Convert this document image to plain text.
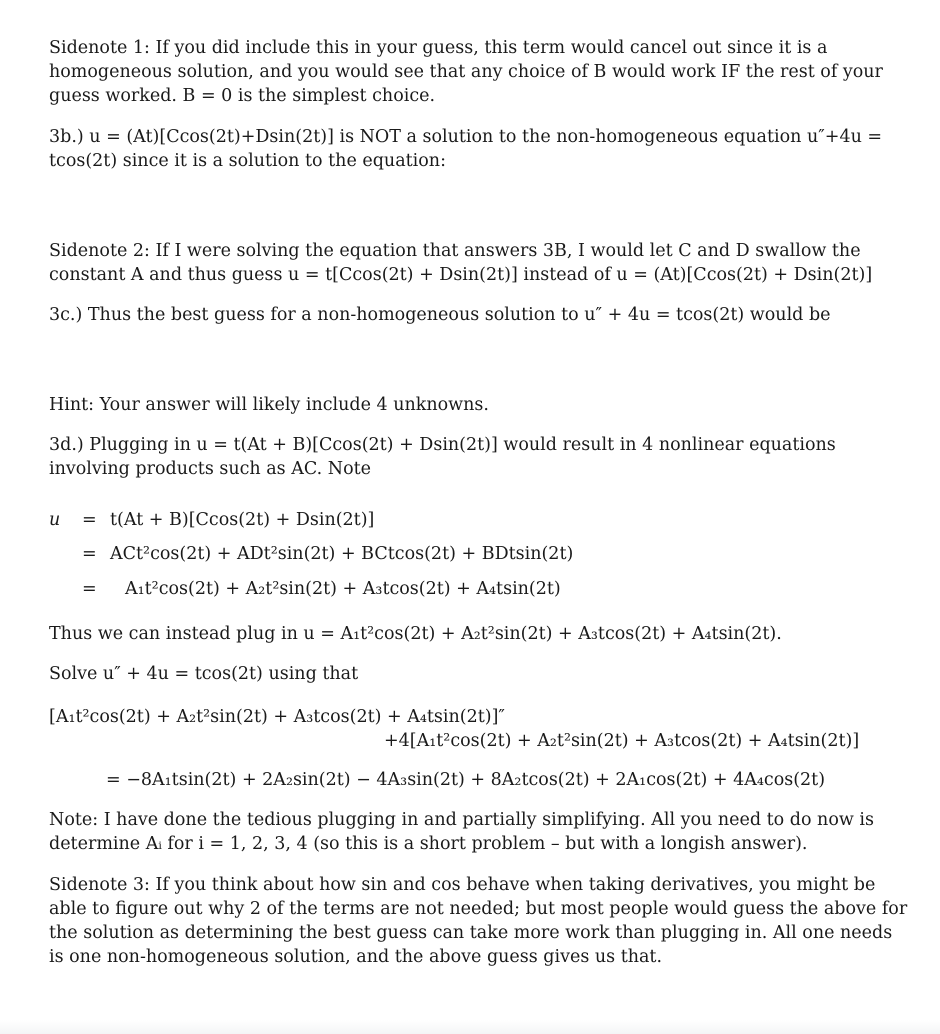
Sidenote 1: If you did include this in your guess, this term would cancel out since it is a
homogeneous solution, and you would see that any choice of B would work IF the rest of your
guess worked. B = 0 is the simplest choice.
3b.) u = (At)[Ccos(2t)+Dsin(2t)] is NOT a solution to the non-homogeneous equation u″+4u =
tcos(2t) since it is a solution to the equation:
Sidenote 2: If I were solving the equation that answers 3B, I would let C and D swallow the
constant A and thus guess u = t[Ccos(2t) + Dsin(2t)] instead of u = (At)[Ccos(2t) + Dsin(2t)]
3c.) Thus the best guess for a non-homogeneous solution to u″ + 4u = tcos(2t) would be
Hint: Your answer will likely include 4 unknowns.
3d.) Plugging in u = t(At + B)[Ccos(2t) + Dsin(2t)] would result in 4 nonlinear equations
involving products such as AC. Note
u = t(At + B)[Ccos(2t) + Dsin(2t)]
= ACt²cos(2t) + ADt²sin(2t) + BCtcos(2t) + BDtsin(2t)
= A₁t²cos(2t) + A₂t²sin(2t) + A₃tcos(2t) + A₄tsin(2t)
Thus we can instead plug in u = A₁t²cos(2t) + A₂t²sin(2t) + A₃tcos(2t) + A₄tsin(2t).
Solve u″ + 4u = tcos(2t) using that
[A₁t²cos(2t) + A₂t²sin(2t) + A₃tcos(2t) + A₄tsin(2t)]″
+4[A₁t²cos(2t) + A₂t²sin(2t) + A₃tcos(2t) + A₄tsin(2t)]
= −8A₁tsin(2t) + 2A₂sin(2t) − 4A₃sin(2t) + 8A₂tcos(2t) + 2A₁cos(2t) + 4A₄cos(2t)
Note: I have done the tedious plugging in and partially simplifying. All you need to do now is
determine Aᵢ for i = 1, 2, 3, 4 (so this is a short problem – but with a longish answer).
Sidenote 3: If you think about how sin and cos behave when taking derivatives, you might be
able to figure out why 2 of the terms are not needed; but most people would guess the above for
the solution as determining the best guess can take more work than plugging in. All one needs
is one non-homogeneous solution, and the above guess gives us that.
